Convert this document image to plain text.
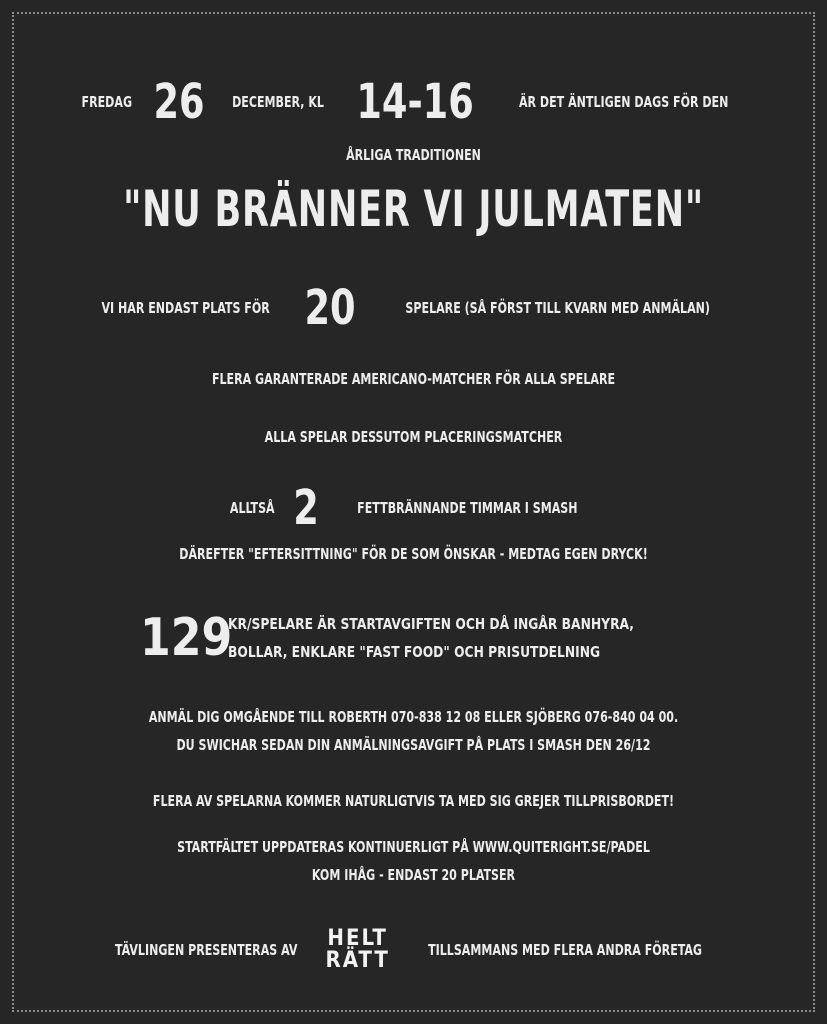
FREDAG 26 DECEMBER, KL 14-16	ÄR DET ÄNTLIGEN DAGS FÖR DEN
ÅRLIGA TRADITIONEN
"NU BRÄNNER VI JULMATEN"
VI HAR ENDAST PLATS FÖR 20	SPELARE (SÅ FÖRST TILL KVARN MED ANMÄLAN)
FLERA GARANTERADE AMERICANO-MATCHER FÖR ALLA SPELARE
ALLA SPELAR DESSUTOM PLACERINGSMATCHER
ALLTSÅ 2	FETTBRÄNNANDE TIMMAR I SMASH
DÄREFTER "EFTERSITTNING" FÖR DE SOM ÖNSKAR - MEDTAG EGEN DRYCK!
129
KR/SPELARE ÄR STARTAVGIFTEN OCH DÅ INGÅR BANHYRA,
BOLLAR, ENKLARE "FAST FOOD" OCH PRISUTDELNING
ANMÄL DIG OMGÅENDE TILL ROBERTH 070-838 12 08 ELLER SJÖBERG 076-840 04 00.
DU SWICHAR SEDAN DIN ANMÄLNINGSAVGIFT PÅ PLATS I SMASH DEN 26/12
FLERA AV SPELARNA KOMMER NATURLIGTVIS TA MED SIG GREJER TILLPRISBORDET!
STARTFÄLTET UPPDATERAS KONTINUERLIGT PÅ WWW.QUITERIGHT.SE/PADEL
KOM IHÅG - ENDAST 20 PLATSER
TÄVLINGEN PRESENTERAS AV HELT
RÄTT	TILLSAMMANS MED FLERA ANDRA FÖRETAG
